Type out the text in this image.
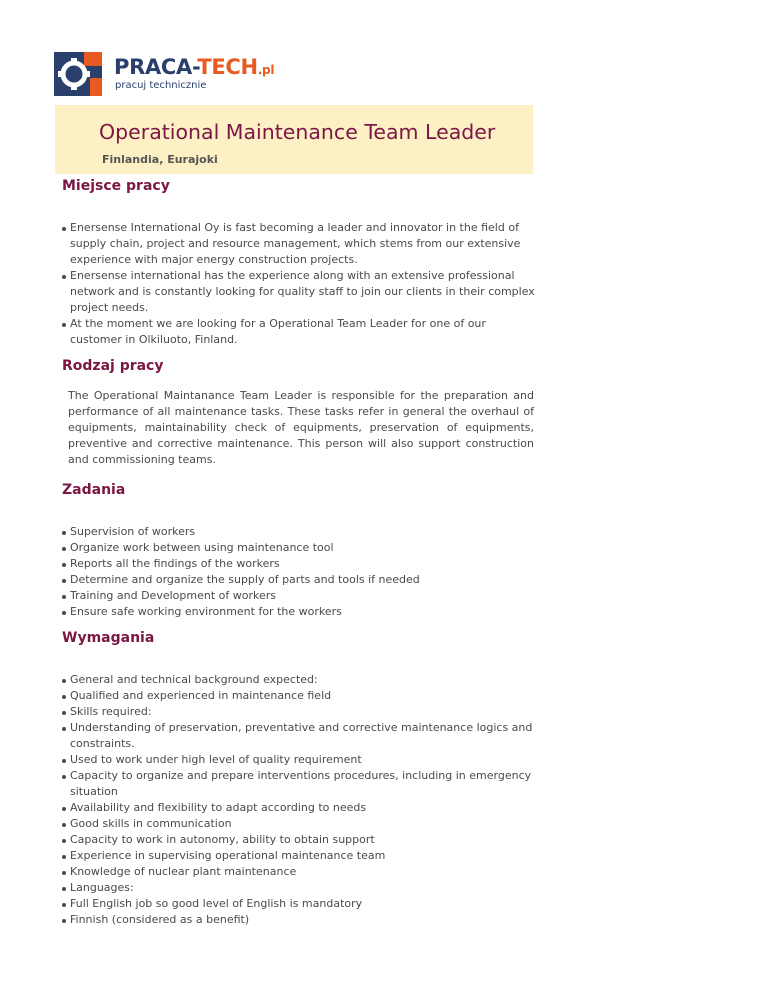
PRACA-TECH.pl
pracuj technicznie
Operational Maintenance Team Leader
Finlandia, Eurajoki
Miejsce pracy
Enersense International Oy is fast becoming a leader and innovator in the field of supply chain, project and resource management, which stems from our extensive experience with major energy construction projects.
Enersense international has the experience along with an extensive professional network and is constantly looking for quality staff to join our clients in their complex project needs.
At the moment we are looking for a Operational Team Leader for one of our customer in Olkiluoto, Finland.
Rodzaj pracy

The Operational Maintanance Team Leader is responsible for the preparation and performance of all maintenance tasks. These tasks refer in general the overhaul of equipments, maintainability check of equipments, preservation of equipments, preventive and corrective maintenance. This person will also support construction and commissioning teams.

Zadania
Supervision of workers
Organize work between using maintenance tool
Reports all the findings of the workers
Determine and organize the supply of parts and tools if needed
Training and Development of workers
Ensure safe working environment for the workers
Wymagania
General and technical background expected:
Qualified and experienced in maintenance field
Skills required:
Understanding of preservation, preventative and corrective maintenance logics and constraints.
Used to work under high level of quality requirement
Capacity to organize and prepare interventions procedures, including in emergency situation
Availability and flexibility to adapt according to needs
Good skills in communication
Capacity to work in autonomy, ability to obtain support
Experience in supervising operational maintenance team
Knowledge of nuclear plant maintenance
Languages:
Full English job so good level of English is mandatory
Finnish (considered as a benefit)
